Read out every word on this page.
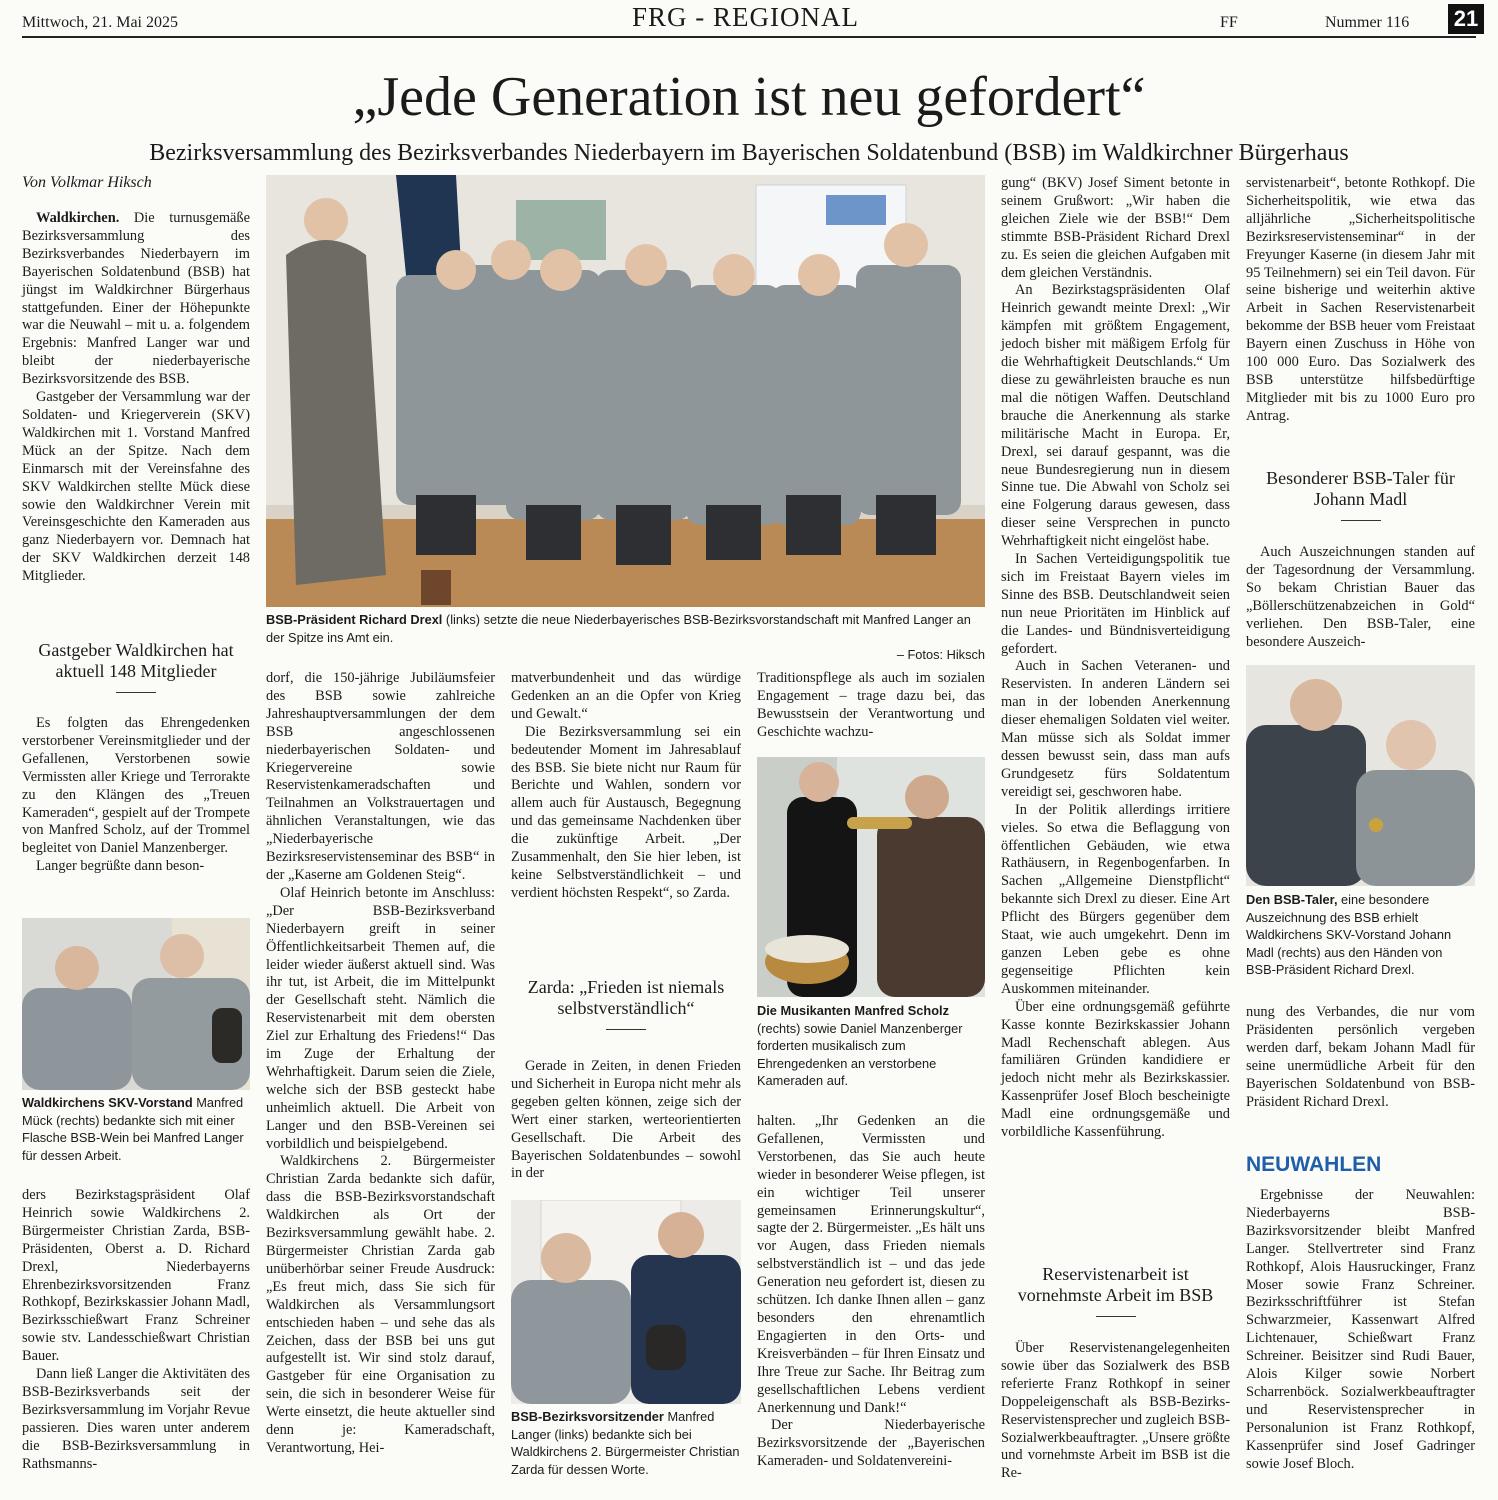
Mittwoch, 21. Mai 2025	FRG - REGIONAL	FF	Nummer 116 21
„Jede Generation ist neu gefordert“
Bezirksversammlung des Bezirksverbandes Niederbayern im Bayerischen Soldatenbund (BSB) im Waldkirchner Bürgerhaus
Von Volkmar Hiksch
BSB-Präsident Richard Drexl (links) setzte die neue Niederbayerisches BSB-Bezirksvorstandschaft mit Manfred Langer an der Spitze ins Amt ein.
– Fotos: Hiksch

Waldkirchen. Die turnusgemäße Bezirksversammlung des Bezirksverbandes Niederbayern im Bayerischen Soldatenbund (BSB) hat jüngst im Waldkirchner Bürgerhaus stattgefunden. Einer der Höhepunkte war die Neuwahl – mit u. a. folgendem Ergebnis: Manfred Langer war und bleibt der niederbayerische Bezirksvorsitzende des BSB.

Gastgeber der Versammlung war der Soldaten- und Kriegerverein (SKV) Waldkirchen mit 1. Vorstand Manfred Mück an der Spitze. Nach dem Einmarsch mit der Vereinsfahne des SKV Waldkirchen stellte Mück diese sowie den Waldkirchner Verein mit Vereinsgeschichte den Kameraden aus ganz Niederbayern vor. Demnach hat der SKV Waldkirchen derzeit 148 Mitglieder.

Gastgeber Waldkirchen hat aktuell 148 Mitglieder

Es folgten das Ehrengedenken verstorbener Vereinsmitglieder und der Gefallenen, Verstorbenen sowie Vermissten aller Kriege und Terrorakte zu den Klängen des „Treuen Kameraden“, gespielt auf der Trompete von Manfred Scholz, auf der Trommel begleitet von Daniel Manzenberger.

Langer begrüßte dann beson-

Waldkirchens SKV-Vorstand Manfred Mück (rechts) bedankte sich mit einer Flasche BSB-Wein bei Manfred Langer für dessen Arbeit.

ders Bezirkstagspräsident Olaf Heinrich sowie Waldkirchens 2. Bürgermeister Christian Zarda, BSB-Präsidenten, Oberst a. D. Richard Drexl, Niederbayerns Ehrenbezirksvorsitzenden Franz Rothkopf, Bezirkskassier Johann Madl, Bezirksschießwart Franz Schreiner sowie stv. Landesschießwart Christian Bauer.

Dann ließ Langer die Aktivitäten des BSB-Bezirksverbands seit der Bezirksversammlung im Vorjahr Revue passieren. Dies waren unter anderem die BSB-Bezirksversammlung in Rathsmanns-

dorf, die 150-jährige Jubiläumsfeier des BSB sowie zahlreiche Jahreshauptversammlungen der dem BSB angeschlossenen niederbayerischen Soldaten- und Kriegervereine sowie Reservistenkameradschaften und Teilnahmen an Volkstrauertagen und ähnlichen Veranstaltungen, wie das „Niederbayerische Bezirksreservistenseminar des BSB“ in der „Kaserne am Goldenen Steig“.

Olaf Heinrich betonte im Anschluss: „Der BSB-Bezirksverband Niederbayern greift in seiner Öffentlichkeitsarbeit Themen auf, die leider wieder äußerst aktuell sind. Was ihr tut, ist Arbeit, die im Mittelpunkt der Gesellschaft steht. Nämlich die Reservistenarbeit mit dem obersten Ziel zur Erhaltung des Friedens!“ Das im Zuge der Erhaltung der Wehrhaftigkeit. Darum seien die Ziele, welche sich der BSB gesteckt habe unheimlich aktuell. Die Arbeit von Langer und den BSB-Vereinen sei vorbildlich und beispielgebend.

Waldkirchens 2. Bürgermeister Christian Zarda bedankte sich dafür, dass die BSB-Bezirksvorstandschaft Waldkirchen als Ort der Bezirksversammlung gewählt habe. 2. Bürgermeister Christian Zarda gab unüberhörbar seiner Freude Ausdruck: „Es freut mich, dass Sie sich für Waldkirchen als Versammlungsort entschieden haben – und sehe das als Zeichen, dass der BSB bei uns gut aufgestellt ist. Wir sind stolz darauf, Gastgeber für eine Organisation zu sein, die sich in besonderer Weise für Werte einsetzt, die heute aktueller sind denn je: Kameradschaft, Verantwortung, Hei-

matverbundenheit und das würdige Gedenken an an die Opfer von Krieg und Gewalt.“

Die Bezirksversammlung sei ein bedeutender Moment im Jahresablauf des BSB. Sie biete nicht nur Raum für Berichte und Wahlen, sondern vor allem auch für Austausch, Begegnung und das gemeinsame Nachdenken über die zukünftige Arbeit. „Der Zusammenhalt, den Sie hier leben, ist keine Selbstverständlichkeit – und verdient höchsten Respekt“, so Zarda.

Zarda: „Frieden ist niemals selbstverständlich“

Gerade in Zeiten, in denen Frieden und Sicherheit in Europa nicht mehr als gegeben gelten können, zeige sich der Wert einer starken, werteorientierten Gesellschaft. Die Arbeit des Bayerischen Soldatenbundes – sowohl in der

BSB-Bezirksvorsitzender Manfred Langer (links) bedankte sich bei Waldkirchens 2. Bürgermeister Christian Zarda für dessen Worte.

Traditionspflege als auch im sozialen Engagement – trage dazu bei, das Bewusstsein der Verantwortung und Geschichte wachzu-

Die Musikanten Manfred Scholz (rechts) sowie Daniel Manzenberger forderten musikalisch zum Ehrengedenken an verstorbene Kameraden auf.

halten. „Ihr Gedenken an die Gefallenen, Vermissten und Verstorbenen, das Sie auch heute wieder in besonderer Weise pflegen, ist ein wichtiger Teil unserer gemeinsamen Erinnerungskultur“, sagte der 2. Bürgermeister. „Es hält uns vor Augen, dass Frieden niemals selbstverständlich ist – und das jede Generation neu gefordert ist, diesen zu schützen. Ich danke Ihnen allen – ganz besonders den ehrenamtlich Engagierten in den Orts- und Kreisverbänden – für Ihren Einsatz und Ihre Treue zur Sache. Ihr Beitrag zum gesellschaftlichen Lebens verdient Anerkennung und Dank!“

Der Niederbayerische Bezirksvorsitzende der „Bayerischen Kameraden- und Soldatenvereini-

gung“ (BKV) Josef Siment betonte in seinem Grußwort: „Wir haben die gleichen Ziele wie der BSB!“ Dem stimmte BSB-Präsident Richard Drexl zu. Es seien die gleichen Aufgaben mit dem gleichen Verständnis.

An Bezirkstagspräsidenten Olaf Heinrich gewandt meinte Drexl: „Wir kämpfen mit größtem Engagement, jedoch bisher mit mäßigem Erfolg für die Wehrhaftigkeit Deutschlands.“ Um diese zu gewährleisten brauche es nun mal die nötigen Waffen. Deutschland brauche die Anerkennung als starke militärische Macht in Europa. Er, Drexl, sei darauf gespannt, was die neue Bundesregierung nun in diesem Sinne tue. Die Abwahl von Scholz sei eine Folgerung daraus gewesen, dass dieser seine Versprechen in puncto Wehrhaftigkeit nicht eingelöst habe.

In Sachen Verteidigungspolitik tue sich im Freistaat Bayern vieles im Sinne des BSB. Deutschlandweit seien nun neue Prioritäten im Hinblick auf die Landes- und Bündnisverteidigung gefordert.

Auch in Sachen Veteranen- und Reservisten. In anderen Ländern sei man in der lobenden Anerkennung dieser ehemaligen Soldaten viel weiter. Man müsse sich als Soldat immer dessen bewusst sein, dass man aufs Grundgesetz fürs Soldatentum vereidigt sei, geschworen habe.

In der Politik allerdings irritiere vieles. So etwa die Beflaggung von öffentlichen Gebäuden, wie etwa Rathäusern, in Regenbogenfarben. In Sachen „Allgemeine Dienstpflicht“ bekannte sich Drexl zu dieser. Eine Art Pflicht des Bürgers gegenüber dem Staat, wie auch umgekehrt. Denn im ganzen Leben gebe es ohne gegenseitige Pflichten kein Auskommen miteinander.

Über eine ordnungsgemäß geführte Kasse konnte Bezirkskassier Johann Madl Rechenschaft ablegen. Aus familiären Gründen kandidiere er jedoch nicht mehr als Bezirkskassier. Kassenprüfer Josef Bloch bescheinigte Madl eine ordnungsgemäße und vorbildliche Kassenführung.

Reservistenarbeit ist vornehmste Arbeit im BSB

Über Reservistenangelegenheiten sowie über das Sozialwerk des BSB referierte Franz Rothkopf in seiner Doppeleigenschaft als BSB-Bezirks-Reservistensprecher und zugleich BSB-Sozialwerkbeauftragter. „Unsere größte und vornehmste Arbeit im BSB ist die Re-

servistenarbeit“, betonte Rothkopf. Die Sicherheitspolitik, wie etwa das alljährliche „Sicherheitspolitische Bezirksreservistenseminar“ in der Freyunger Kaserne (in diesem Jahr mit 95 Teilnehmern) sei ein Teil davon. Für seine bisherige und weiterhin aktive Arbeit in Sachen Reservistenarbeit bekomme der BSB heuer vom Freistaat Bayern einen Zuschuss in Höhe von 100 000 Euro. Das Sozialwerk des BSB unterstütze hilfsbedürftige Mitglieder mit bis zu 1000 Euro pro Antrag.

Besonderer BSB-Taler für Johann Madl

Auch Auszeichnungen standen auf der Tagesordnung der Versammlung. So bekam Christian Bauer das „Böllerschützenabzeichen in Gold“ verliehen. Den BSB-Taler, eine besondere Auszeich-

Den BSB-Taler, eine besondere Auszeichnung des BSB erhielt Waldkirchens SKV-Vorstand Johann Madl (rechts) aus den Händen von BSB-Präsident Richard Drexl.

nung des Verbandes, die nur vom Präsidenten persönlich vergeben werden darf, bekam Johann Madl für seine unermüdliche Arbeit für den Bayerischen Soldatenbund von BSB-Präsident Richard Drexl.

NEUWAHLEN

Ergebnisse der Neuwahlen: Niederbayerns BSB-Bazirksvorsitzender bleibt Manfred Langer. Stellvertreter sind Franz Rothkopf, Alois Hausruckinger, Franz Moser sowie Franz Schreiner. Bezirksschriftführer ist Stefan Schwarzmeier, Kassenwart Alfred Lichtenauer, Schießwart Franz Schreiner. Beisitzer sind Rudi Bauer, Alois Kilger sowie Norbert Scharrenböck. Sozialwerkbeauftragter und Reservistensprecher in Personalunion ist Franz Rothkopf, Kassenprüfer sind Josef Gadringer sowie Josef Bloch.
